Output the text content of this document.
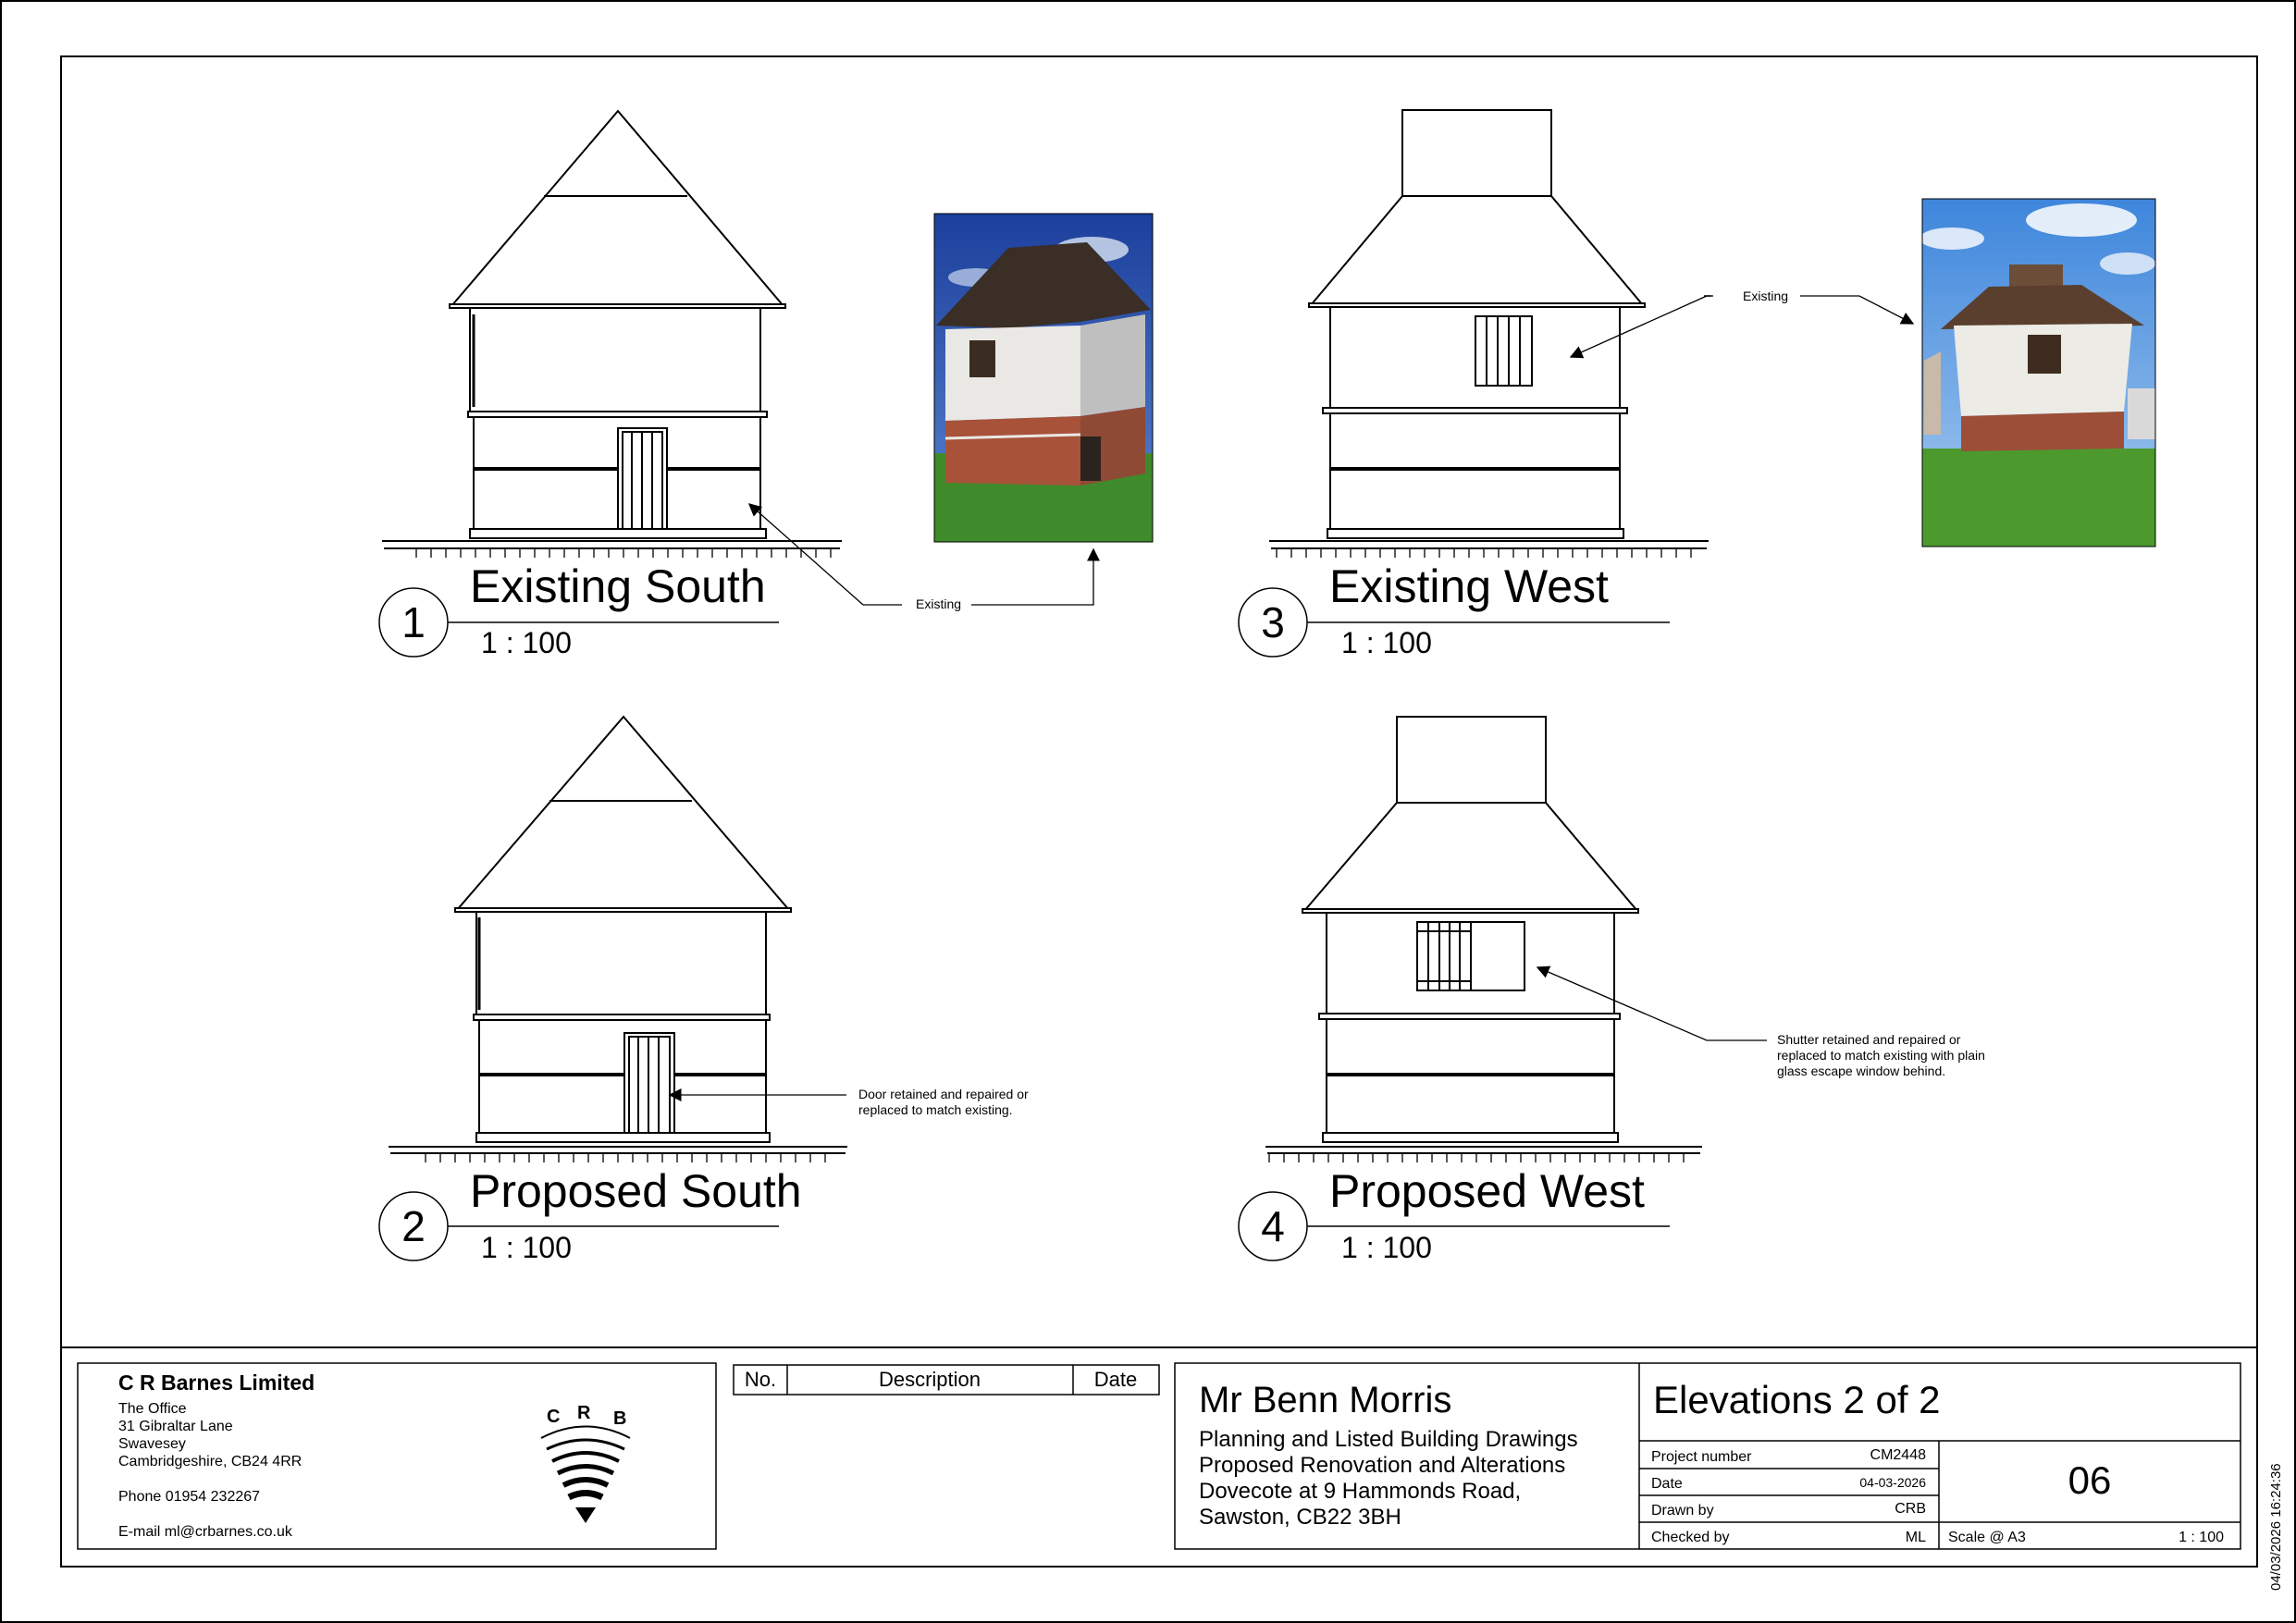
1
Existing South
1 : 100
Existing
2
Proposed South
1 : 100
Door retained and repaired or
replaced to match existing.
3
Existing West
1 : 100
Existing
4
Proposed West
1 : 100
Shutter retained and repaired or
replaced to match existing with plain
glass escape window behind.
C R Barnes Limited
The Office
31 Gibraltar Lane
Swavesey
Cambridgeshire, CB24 4RR
Phone 01954 232267
E-mail ml@crbarnes.co.uk
C R B
No.	Description	Date
Mr Benn Morris
Planning and Listed Building Drawings
Proposed Renovation and Alterations
Dovecote at 9 Hammonds Road,
Sawston, CB22 3BH
Elevations 2 of 2
Project number	CM2448
Date	04-03-2026
Drawn by	CRB
Checked by	ML
06
Scale @ A3	1 : 100	04/03/2026 16:24:36
